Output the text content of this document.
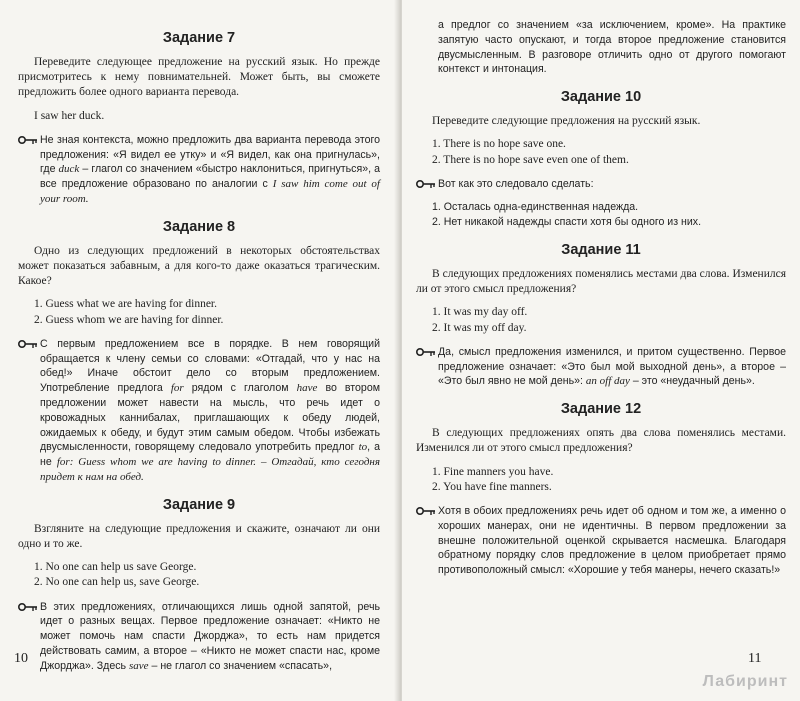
Задание 7

Переведите следующее предложение на русский язык. Но прежде присмотритесь к нему повнимательней. Может быть, вы сможете предложить более одного варианта перевода.

I saw her duck.

Не зная контекста, можно предложить два варианта перевода этого предложения: «Я видел ее утку» и «Я видел, как она пригнулась», где duck – глагол со значением «быстро наклониться, пригнуться», а все предложение образовано по аналогии с I saw him come out of your room.
Задание 8

Одно из следующих предложений в некоторых обстоятельствах может показаться забавным, а для кого-то даже оказаться трагическим. Какое?

1. Guess what we are having for dinner.
2. Guess whom we are having for dinner.
С первым предложением все в порядке. В нем говорящий обращается к члену семьи со словами: «Отгадай, что у нас на обед!» Иначе обстоит дело со вторым предложением. Употребление предлога for рядом с глаголом have во втором предложении может навести на мысль, что речь идет о кровожадных каннибалах, приглашающих к обеду людей, ожидаемых к обеду, и будут этим самым обедом. Чтобы избежать двусмысленности, говорящему следовало употребить предлог to, а не for: Guess whom we are having to dinner. – Отгадай, кто сегодня придет к нам на обед.
Задание 9

Взгляните на следующие предложения и скажите, означают ли они одно и то же.

1. No one can help us save George.
2. No one can help us, save George.
В этих предложениях, отличающихся лишь одной запятой, речь идет о разных вещах. Первое предложение означает: «Никто не может помочь нам спасти Джорджа», то есть нам придется действовать самим, а второе – «Никто не может спасти нас, кроме Джорджа». Здесь save – не глагол со значением «спасать»,
10

а предлог со значением «за исключением, кроме». На практике запятую часто опускают, и тогда второе предложение становится двусмысленным. В разговоре отличить одно от другого помогают контекст и интонация.

Задание 10

Переведите следующие предложения на русский язык.

1. There is no hope save one.
2. There is no hope save even one of them.
Вот как это следовало сделать:
1. Осталась одна-единственная надежда.
2. Нет никакой надежды спасти хотя бы одного из них.
Задание 11

В следующих предложениях поменялись местами два слова. Изменился ли от этого смысл предложения?

1. It was my day off.
2. It was my off day.
Да, смысл предложения изменился, и притом существенно. Первое предложение означает: «Это был мой выходной день», а второе – «Это был явно не мой день»: an off day – это «неудачный день».
Задание 12

В следующих предложениях опять два слова поменялись местами. Изменился ли от этого смысл предложения?

1. Fine manners you have.
2. You have fine manners.
Хотя в обоих предложениях речь идет об одном и том же, а именно о хороших манерах, они не идентичны. В первом предложении за внешне положительной оценкой скрывается насмешка. Благодаря обратному порядку слов предложение в целом приобретает прямо противоположный смысл: «Хорошие у тебя манеры, нечего сказать!»
11
Лабиринт
